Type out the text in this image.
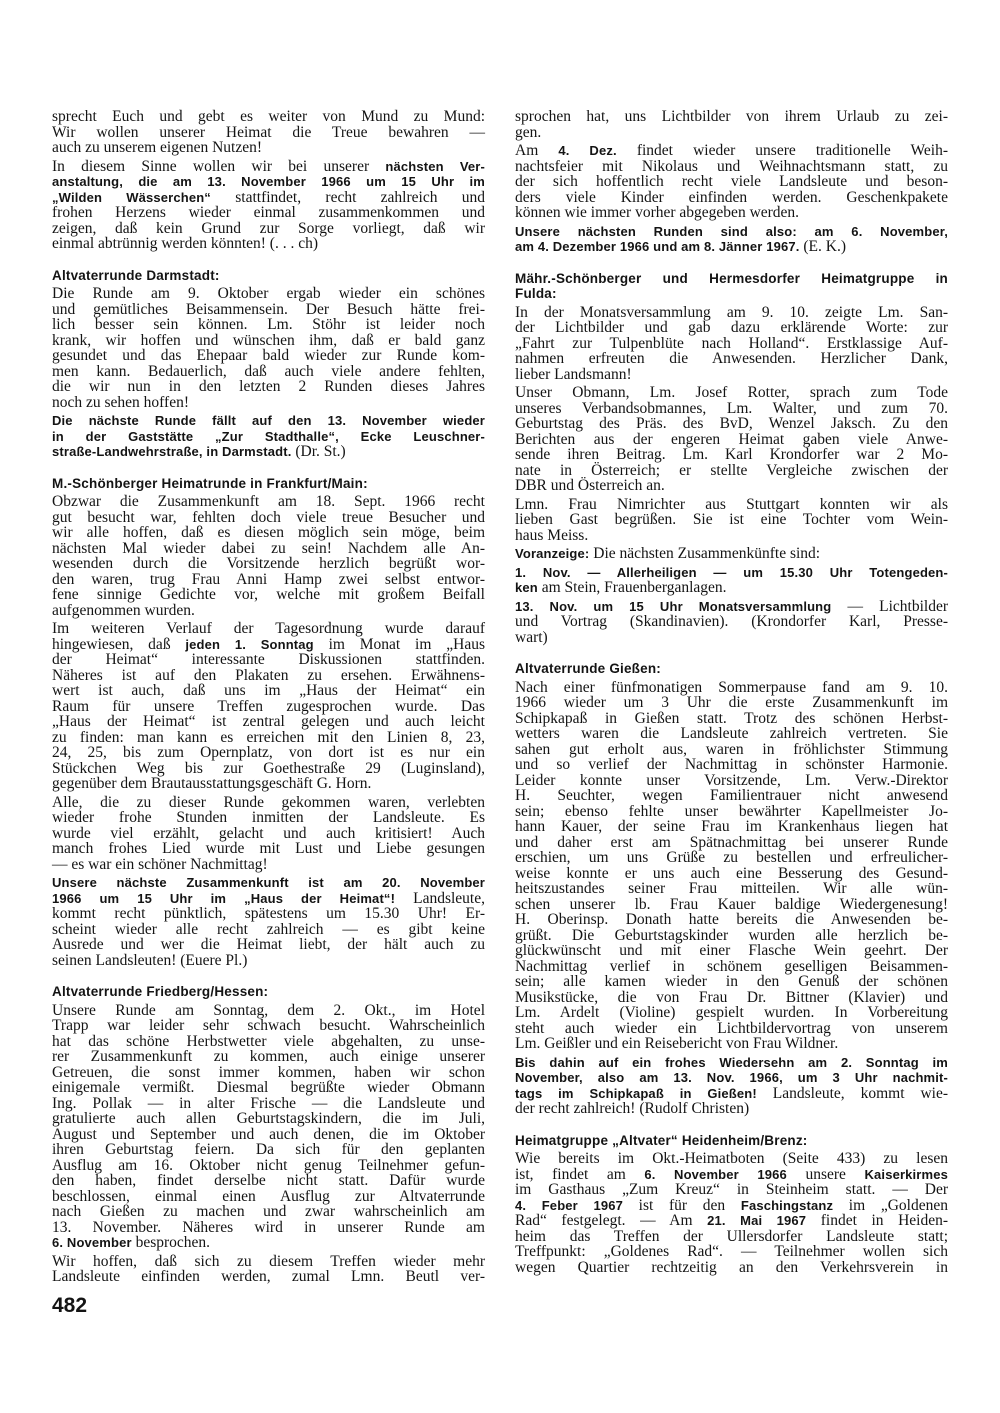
sprecht Euch und gebt es weiter von Mund zu Mund:
Wir wollen unserer Heimat die Treue bewahren —
auch zu unserem eigenen Nutzen!
In diesem Sinne wollen wir bei unserer nächsten Ver-
anstaltung, die am 13. November 1966 um 15 Uhr im
„Wilden Wässerchen“ stattfindet, recht zahlreich und
frohen Herzens wieder einmal zusammenkommen und
zeigen, daß kein Grund zur Sorge vorliegt, daß wir
einmal abtrünnig werden könnten! (. . . ch)
Altvaterrunde Darmstadt:
Die Runde am 9. Oktober ergab wieder ein schönes
und gemütliches Beisammensein. Der Besuch hätte frei-
lich besser sein können. Lm. Stöhr ist leider noch
krank, wir hoffen und wünschen ihm, daß er bald ganz
gesundet und das Ehepaar bald wieder zur Runde kom-
men kann. Bedauerlich, daß auch viele andere fehlten,
die wir nun in den letzten 2 Runden dieses Jahres
noch zu sehen hoffen!
Die nächste Runde fällt auf den 13. November wieder
in der Gaststätte „Zur Stadthalle“, Ecke Leuschner-
straße-Landwehrstraße, in Darmstadt. (Dr. St.)
M.-Schönberger Heimatrunde in Frankfurt/Main:
Obzwar die Zusammenkunft am 18. Sept. 1966 recht
gut besucht war, fehlten doch viele treue Besucher und
wir alle hoffen, daß es diesen möglich sein möge, beim
nächsten Mal wieder dabei zu sein! Nachdem alle An-
wesenden durch die Vorsitzende herzlich begrüßt wor-
den waren, trug Frau Anni Hamp zwei selbst entwor-
fene sinnige Gedichte vor, welche mit großem Beifall
aufgenommen wurden.
Im weiteren Verlauf der Tagesordnung wurde darauf
hingewiesen, daß jeden 1. Sonntag im Monat im „Haus
der Heimat“ interessante Diskussionen stattfinden.
Näheres ist auf den Plakaten zu ersehen. Erwähnens-
wert ist auch, daß uns im „Haus der Heimat“ ein
Raum für unsere Treffen zugesprochen wurde. Das
„Haus der Heimat“ ist zentral gelegen und auch leicht
zu finden: man kann es erreichen mit den Linien 8, 23,
24, 25, bis zum Opernplatz, von dort ist es nur ein
Stückchen Weg bis zur Goethestraße 29 (Luginsland),
gegenüber dem Brautausstattungsgeschäft G. Horn.
Alle, die zu dieser Runde gekommen waren, verlebten
wieder frohe Stunden inmitten der Landsleute. Es
wurde viel erzählt, gelacht und auch kritisiert! Auch
manch frohes Lied wurde mit Lust und Liebe gesungen
— es war ein schöner Nachmittag!
Unsere nächste Zusammenkunft ist am 20. November
1966 um 15 Uhr im „Haus der Heimat“! Landsleute,
kommt recht pünktlich, spätestens um 15.30 Uhr! Er-
scheint wieder alle recht zahlreich — es gibt keine
Ausrede und wer die Heimat liebt, der hält auch zu
seinen Landsleuten! (Euere Pl.)
Altvaterrunde Friedberg/Hessen:
Unsere Runde am Sonntag, dem 2. Okt., im Hotel
Trapp war leider sehr schwach besucht. Wahrscheinlich
hat das schöne Herbstwetter viele abgehalten, zu unse-
rer Zusammenkunft zu kommen, auch einige unserer
Getreuen, die sonst immer kommen, haben wir schon
einigemale vermißt. Diesmal begrüßte wieder Obmann
Ing. Pollak — in alter Frische — die Landsleute und
gratulierte auch allen Geburtstagskindern, die im Juli,
August und September und auch denen, die im Oktober
ihren Geburtstag feiern. Da sich für den geplanten
Ausflug am 16. Oktober nicht genug Teilnehmer gefun-
den haben, findet derselbe nicht statt. Dafür wurde
beschlossen, einmal einen Ausflug zur Altvaterrunde
nach Gießen zu machen und zwar wahrscheinlich am
13. November. Näheres wird in unserer Runde am
6. November besprochen.
Wir hoffen, daß sich zu diesem Treffen wieder mehr
Landsleute einfinden werden, zumal Lmn. Beutl ver-
sprochen hat, uns Lichtbilder von ihrem Urlaub zu zei-
gen.
Am 4. Dez. findet wieder unsere traditionelle Weih-
nachtsfeier mit Nikolaus und Weihnachtsmann statt, zu
der sich hoffentlich recht viele Landsleute und beson-
ders viele Kinder einfinden werden. Geschenkpakete
können wie immer vorher abgegeben werden.
Unsere nächsten Runden sind also: am 6. November,
am 4. Dezember 1966 und am 8. Jänner 1967. (E. K.)
Mähr.-Schönberger und Hermesdorfer Heimatgruppe in
Fulda:
In der Monatsversammlung am 9. 10. zeigte Lm. San-
der Lichtbilder und gab dazu erklärende Worte: zur
„Fahrt zur Tulpenblüte nach Holland“. Erstklassige Auf-
nahmen erfreuten die Anwesenden. Herzlicher Dank,
lieber Landsmann!
Unser Obmann, Lm. Josef Rotter, sprach zum Tode
unseres Verbandsobmannes, Lm. Walter, und zum 70.
Geburtstag des Präs. des BvD, Wenzel Jaksch. Zu den
Berichten aus der engeren Heimat gaben viele Anwe-
sende ihren Beitrag. Lm. Karl Krondorfer war 2 Mo-
nate in Österreich; er stellte Vergleiche zwischen der
DBR und Österreich an.
Lmn. Frau Nimrichter aus Stuttgart konnten wir als
lieben Gast begrüßen. Sie ist eine Tochter vom Wein-
haus Meiss.
Voranzeige: Die nächsten Zusammenkünfte sind:
1. Nov. — Allerheiligen — um 15.30 Uhr Totengeden-
ken am Stein, Frauenberganlagen.
13. Nov. um 15 Uhr Monatsversammlung — Lichtbilder
und Vortrag (Skandinavien). (Krondorfer Karl, Presse-
wart)
Altvaterrunde Gießen:
Nach einer fünfmonatigen Sommerpause fand am 9. 10.
1966 wieder um 3 Uhr die erste Zusammenkunft im
Schipkapaß in Gießen statt. Trotz des schönen Herbst-
wetters waren die Landsleute zahlreich vertreten. Sie
sahen gut erholt aus, waren in fröhlichster Stimmung
und so verlief der Nachmittag in schönster Harmonie.
Leider konnte unser Vorsitzende, Lm. Verw.-Direktor
H. Seuchter, wegen Familientrauer nicht anwesend
sein; ebenso fehlte unser bewährter Kapellmeister Jo-
hann Kauer, der seine Frau im Krankenhaus liegen hat
und daher erst am Spätnachmittag bei unserer Runde
erschien, um uns Grüße zu bestellen und erfreulicher-
weise konnte er uns auch eine Besserung des Gesund-
heitszustandes seiner Frau mitteilen. Wir alle wün-
schen unserer lb. Frau Kauer baldige Wiedergenesung!
H. Oberinsp. Donath hatte bereits die Anwesenden be-
grüßt. Die Geburtstagskinder wurden alle herzlich be-
glückwünscht und mit einer Flasche Wein geehrt. Der
Nachmittag verlief in schönem geselligen Beisammen-
sein; alle kamen wieder in den Genuß der schönen
Musikstücke, die von Frau Dr. Bittner (Klavier) und
Lm. Ardelt (Violine) gespielt wurden. In Vorbereitung
steht auch wieder ein Lichtbildervortrag von unserem
Lm. Geißler und ein Reisebericht von Frau Wildner.
Bis dahin auf ein frohes Wiedersehn am 2. Sonntag im
November, also am 13. Nov. 1966, um 3 Uhr nachmit-
tags im Schipkapaß in Gießen! Landsleute, kommt wie-
der recht zahlreich! (Rudolf Christen)
Heimatgruppe „Altvater“ Heidenheim/Brenz:
Wie bereits im Okt.-Heimatboten (Seite 433) zu lesen
ist, findet am 6. November 1966 unsere Kaiserkirmes
im Gasthaus „Zum Kreuz“ in Steinheim statt. — Der
4. Feber 1967 ist für den Faschingstanz im „Goldenen
Rad“ festgelegt. — Am 21. Mai 1967 findet in Heiden-
heim das Treffen der Ullersdorfer Landsleute statt;
Treffpunkt: „Goldenes Rad“. — Teilnehmer wollen sich
wegen Quartier rechtzeitig an den Verkehrsverein in
482
